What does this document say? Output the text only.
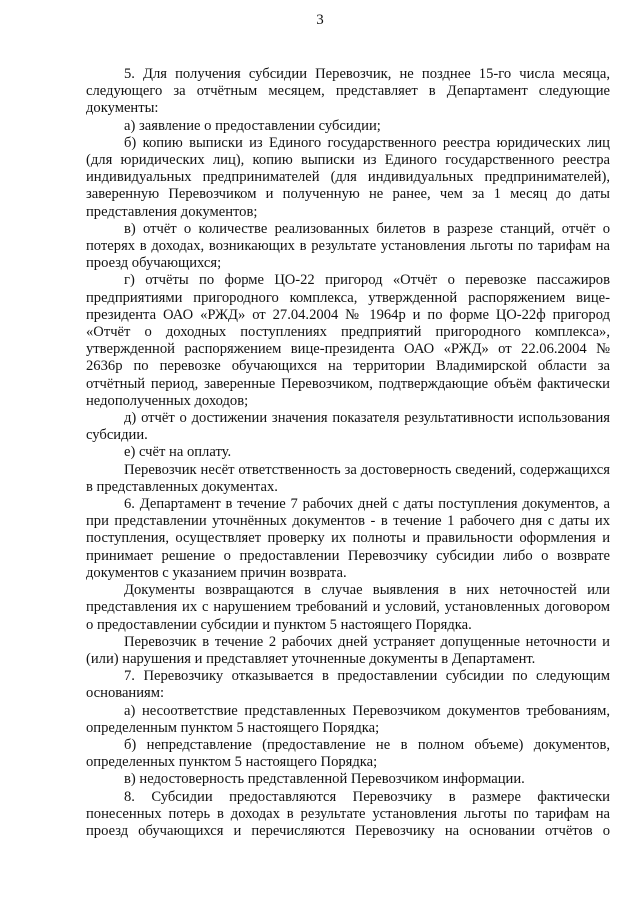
3

5. Для получения субсидии Перевозчик, не позднее 15-го числа месяца, следующего за отчётным месяцем, представляет в Департамент следующие документы:

а) заявление о предоставлении субсидии;

б) копию выписки из Единого государственного реестра юридических лиц (для юридических лиц), копию выписки из Единого государственного реестра индивидуальных предпринимателей (для индивидуальных предпринимателей), заверенную Перевозчиком и полученную не ранее, чем за 1 месяц до даты представления документов;

в) отчёт о количестве реализованных билетов в разрезе станций, отчёт о потерях в доходах, возникающих в результате установления льготы по тарифам на проезд обучающихся;

г) отчёты по форме ЦО-22 пригород «Отчёт о перевозке пассажиров предприятиями пригородного комплекса, утвержденной распоряжением вице-президента ОАО «РЖД» от 27.04.2004 № 1964р и по форме ЦО-22ф пригород «Отчёт о доходных поступлениях предприятий пригородного комплекса», утвержденной распоряжением вице-президента ОАО «РЖД» от 22.06.2004 № 2636р по перевозке обучающихся на территории Владимирской области за отчётный период, заверенные Перевозчиком, подтверждающие объём фактически недополученных доходов;

д) отчёт о достижении значения показателя результативности использования субсидии.

е) счёт на оплату.

Перевозчик несёт ответственность за достоверность сведений, содержащихся в представленных документах.

6. Департамент в течение 7 рабочих дней с даты поступления документов, а при представлении уточнённых документов - в течение 1 рабочего дня с даты их поступления, осуществляет проверку их полноты и правильности оформления и принимает решение о предоставлении Перевозчику субсидии либо о возврате документов с указанием причин возврата.

Документы возвращаются в случае выявления в них неточностей или представления их с нарушением требований и условий, установленных договором о предоставлении субсидии и пунктом 5 настоящего Порядка.

Перевозчик в течение 2 рабочих дней устраняет допущенные неточности и (или) нарушения и представляет уточненные документы в Департамент.

7. Перевозчику отказывается в предоставлении субсидии по следующим основаниям:

а) несоответствие представленных Перевозчиком документов требованиям, определенным пунктом 5 настоящего Порядка;

б) непредставление (предоставление не в полном объеме) документов, определенных пунктом 5 настоящего Порядка;

в) недостоверность представленной Перевозчиком информации.

8. Субсидии предоставляются Перевозчику в размере фактически понесенных потерь в доходах в результате установления льготы по тарифам на проезд обучающихся и перечисляются Перевозчику на основании отчётов о
